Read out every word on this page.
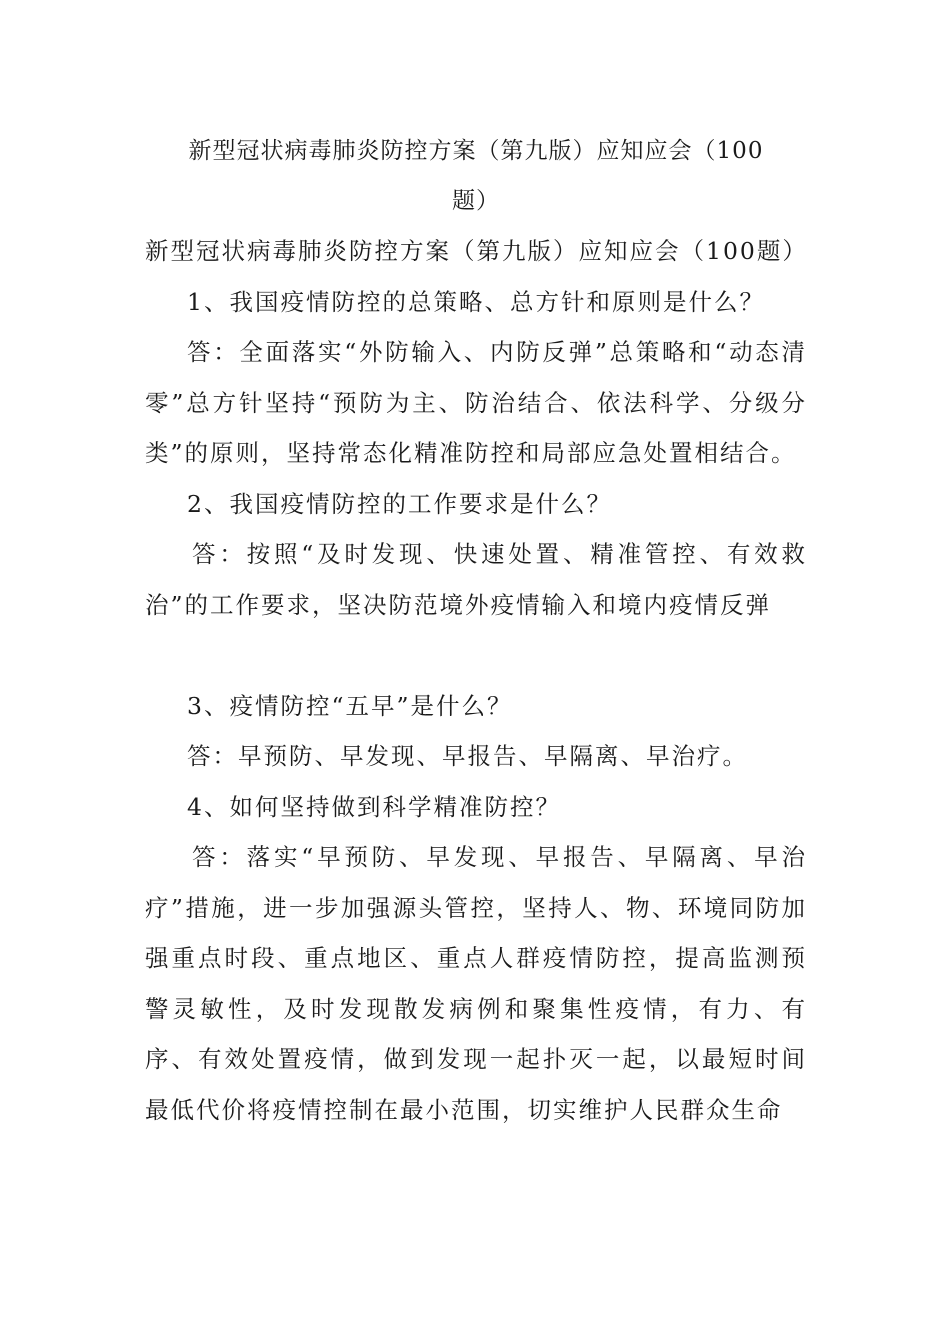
新型冠状病毒肺炎防控方案（第九版）应知应会（100
题）

新型冠状病毒肺炎防控方案（第九版）应知应会（100题）

1、我国疫情防控的总策略、总方针和原则是什么？

答：全面落实“外防输入、内防反弹”总策略和“动态清零”总方针坚持“预防为主、防治结合、依法科学、分级分类”的原则，坚持常态化精准防控和局部应急处置相结合。

2、我国疫情防控的工作要求是什么？

答：按照“及时发现、快速处置、精准管控、有效救治”的工作要求，坚决防范境外疫情输入和境内疫情反弹

3、疫情防控“五早”是什么？

答：早预防、早发现、早报告、早隔离、早治疗。

4、如何坚持做到科学精准防控？

答：落实“早预防、早发现、早报告、早隔离、早治疗”措施，进一步加强源头管控，坚持人、物、环境同防加强重点时段、重点地区、重点人群疫情防控，提高监测预警灵敏性，及时发现散发病例和聚集性疫情，有力、有序、有效处置疫情，做到发现一起扑灭一起，以最短时间最低代价将疫情控制在最小范围，切实维护人民群众生命
